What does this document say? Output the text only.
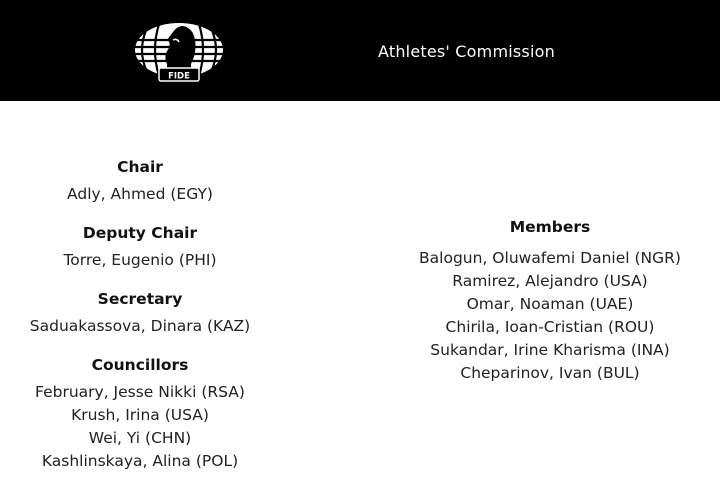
FIDE
Athletes' Commission
Chair
Adly, Ahmed (EGY)
Deputy Chair
Torre, Eugenio (PHI)
Secretary
Saduakassova, Dinara (KAZ)
Councillors
February, Jesse Nikki (RSA)
Krush, Irina (USA)
Wei, Yi (CHN)
Kashlinskaya, Alina (POL)
Members
Balogun, Oluwafemi Daniel (NGR)
Ramirez, Alejandro (USA)
Omar, Noaman (UAE)
Chirila, Ioan-Cristian (ROU)
Sukandar, Irine Kharisma (INA)
Cheparinov, Ivan (BUL)
